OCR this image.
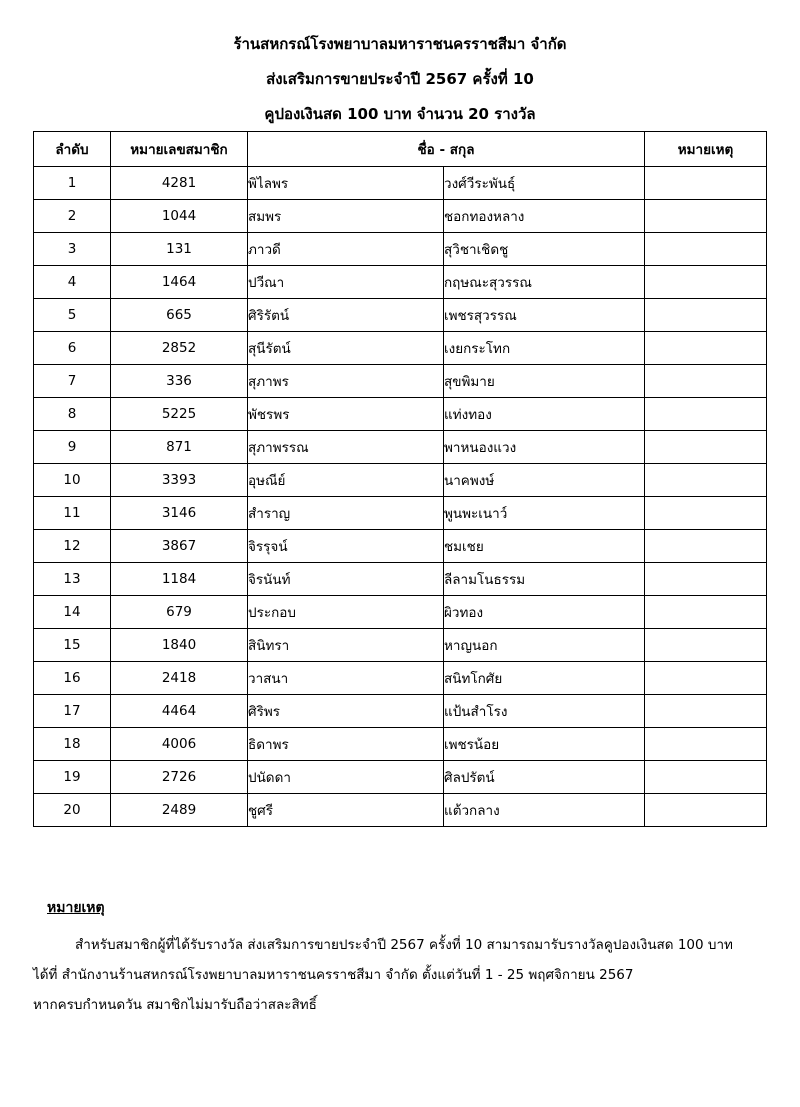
ร้านสหกรณ์โรงพยาบาลมหาราชนครราชสีมา จำกัด
ส่งเสริมการขายประจำปี 2567 ครั้งที่ 10
คูปองเงินสด 100 บาท จำนวน 20 รางวัล
ลำดับ	หมายเลขสมาชิก	ชื่อ - สกุล		หมายเหตุ
1	4281	พิไลพร	วงศ์วีระพันธุ์	
2	1044	สมพร	ชอกทองหลาง	
3	131	ภาวดี	สุวิชาเชิดชู	
4	1464	ปวีณา	กฤษณะสุวรรณ	
5	665	ศิริรัตน์	เพชรสุวรรณ	
6	2852	สุนีรัตน์	เงยกระโทก	
7	336	สุภาพร	สุขพิมาย	
8	5225	พัชรพร	แท่งทอง	
9	871	สุภาพรรณ	พาหนองแวง	
10	3393	อุษณีย์	นาคพงษ์	
11	3146	สำราญ	พูนพะเนาว์	
12	3867	จิรรุจน์	ชมเชย	
13	1184	จิรนันท์	ลีลามโนธรรม	
14	679	ประกอบ	ผิวทอง	
15	1840	สินิทรา	หาญนอก	
16	2418	วาสนา	สนิทโกศัย	
17	4464	ศิริพร	แป้นสำโรง	
18	4006	ธิดาพร	เพชรน้อย	
19	2726	ปนัดดา	ศิลปรัตน์	
20	2489	ชูศรี	แต้วกลาง	
หมายเหตุ
สำหรับสมาชิกผู้ที่ได้รับรางวัล ส่งเสริมการขายประจำปี 2567 ครั้งที่ 10 สามารถมารับรางวัลคูปองเงินสด 100 บาท
ได้ที่ สำนักงานร้านสหกรณ์โรงพยาบาลมหาราชนครราชสีมา จำกัด ตั้งแต่วันที่ 1 - 25 พฤศจิกายน 2567
หากครบกำหนดวัน สมาชิกไม่มารับถือว่าสละสิทธิ์
